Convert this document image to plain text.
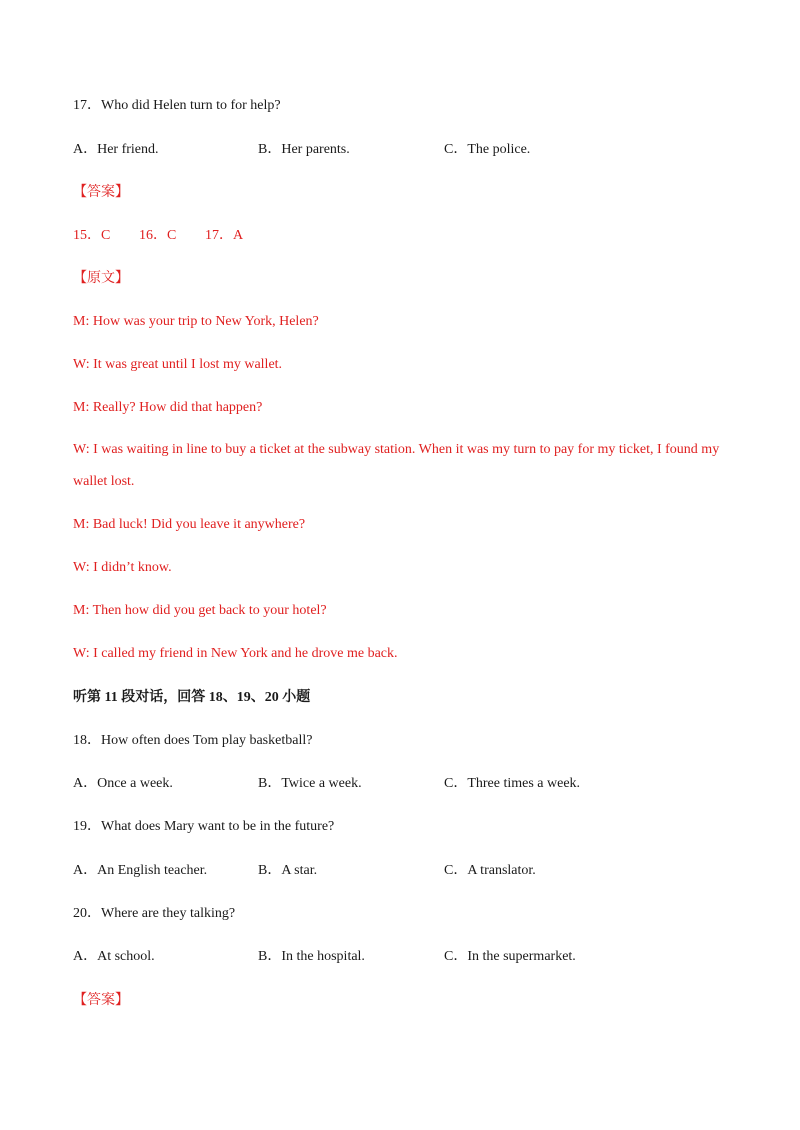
17．Who did Helen turn to for help?
A．Her friend.	B．Her parents.	C．The police.
【答案】
15．C 16．C 17．A
【原文】
M: How was your trip to New York, Helen?
W: It was great until I lost my wallet.
M: Really? How did that happen?
W: I was waiting in line to buy a ticket at the subway station. When it was my turn to pay for my ticket, I found my wallet lost.
M: Bad luck! Did you leave it anywhere?
W: I didn’t know.
M: Then how did you get back to your hotel?
W: I called my friend in New York and he drove me back.
听第 11 段对话，回答 18、19、20 小题
18．How often does Tom play basketball?
A．Once a week.	B．Twice a week.	C．Three times a week.
19．What does Mary want to be in the future?
A．An English teacher.	B．A star.	C．A translator.
20．Where are they talking?
A．At school.	B．In the hospital.	C．In the supermarket.
【答案】
